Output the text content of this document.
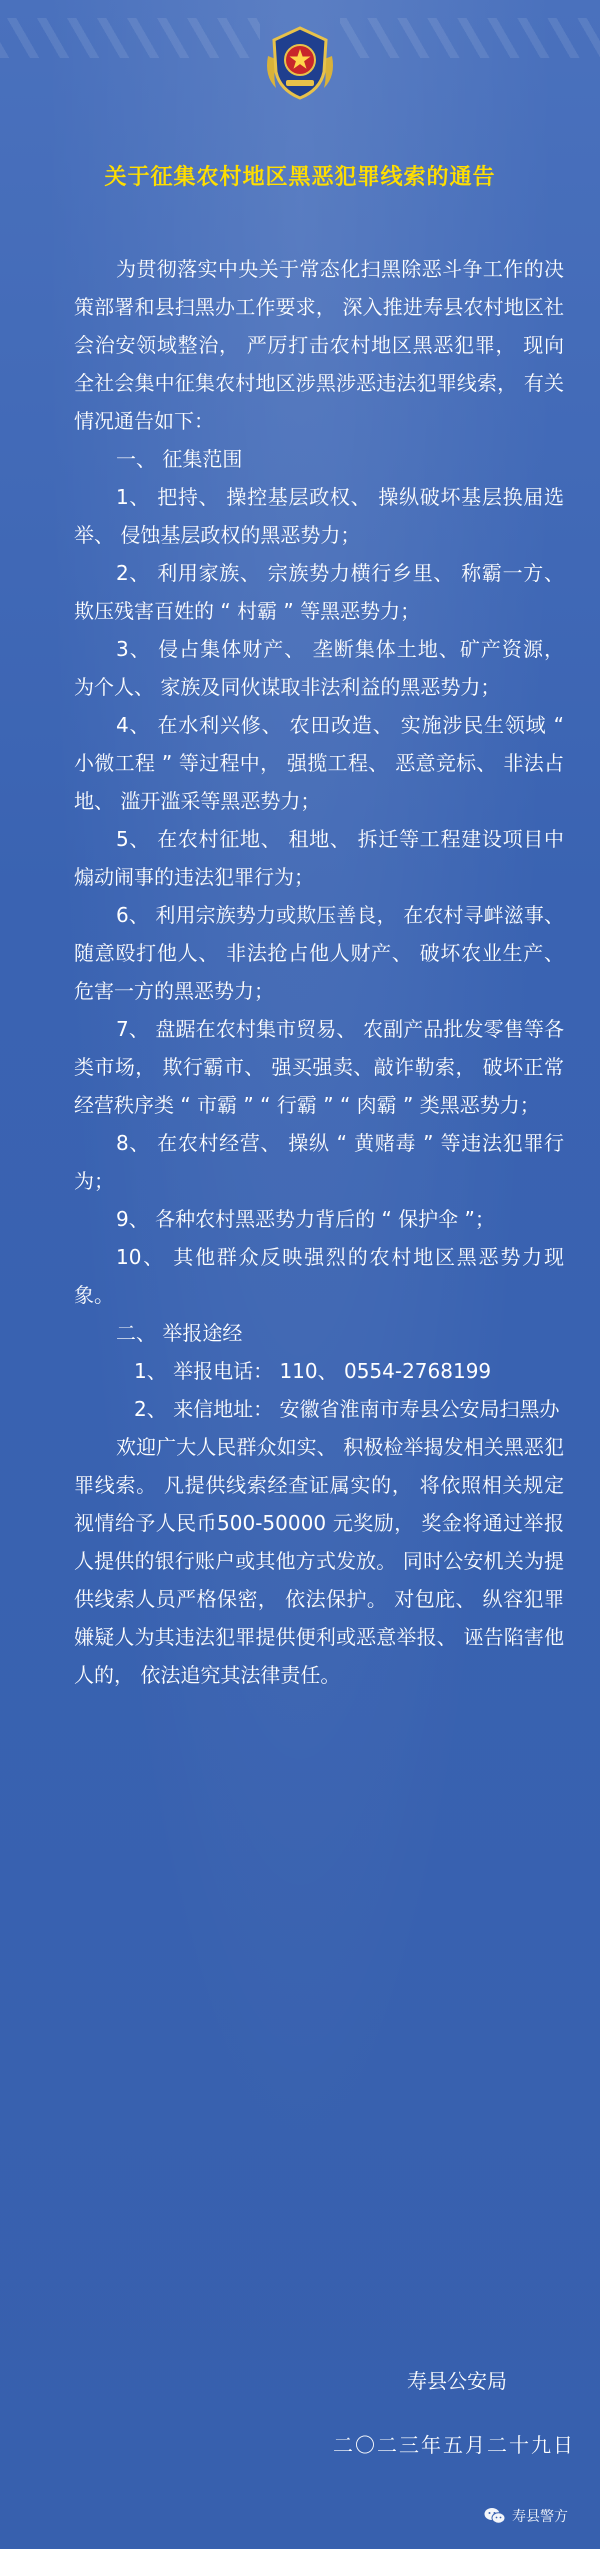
关于征集农村地区黑恶犯罪线索的通告

为贯彻落实中央关于常态化扫黑除恶斗争工作的决策部署和县扫黑办工作要求， 深入推进寿县农村地区社会治安领域整治， 严厉打击农村地区黑恶犯罪， 现向全社会集中征集农村地区涉黑涉恶违法犯罪线索， 有关情况通告如下：

一、 征集范围

1、 把持、 操控基层政权、 操纵破坏基层换届选举、 侵蚀基层政权的黑恶势力；

2、 利用家族、 宗族势力横行乡里、 称霸一方、 欺压残害百姓的 “ 村霸 ” 等黑恶势力；

3、 侵占集体财产、 垄断集体土地、矿产资源， 为个人、 家族及同伙谋取非法利益的黑恶势力；

4、 在水利兴修、 农田改造、 实施涉民生领域 “ 小微工程 ” 等过程中， 强揽工程、 恶意竞标、 非法占地、 滥开滥采等黑恶势力；

5、 在农村征地、 租地、 拆迁等工程建设项目中煽动闹事的违法犯罪行为；

6、 利用宗族势力或欺压善良， 在农村寻衅滋事、 随意殴打他人、 非法抢占他人财产、 破坏农业生产、 危害一方的黑恶势力；

7、 盘踞在农村集市贸易、 农副产品批发零售等各类市场， 欺行霸市、 强买强卖、敲诈勒索， 破坏正常经营秩序类 “ 市霸 ” “ 行霸 ” “ 肉霸 ” 类黑恶势力；

8、 在农村经营、 操纵 “ 黄赌毒 ” 等违法犯罪行为；

9、 各种农村黑恶势力背后的 “ 保护伞 ”；

10、 其他群众反映强烈的农村地区黑恶势力现象。

二、 举报途经

1、 举报电话： 110、 0554-2768199

2、 来信地址： 安徽省淮南市寿县公安局扫黑办

欢迎广大人民群众如实、 积极检举揭发相关黑恶犯罪线索。 凡提供线索经查证属实的， 将依照相关规定视情给予人民币500-50000 元奖励， 奖金将通过举报人提供的银行账户或其他方式发放。 同时公安机关为提供线索人员严格保密， 依法保护。 对包庇、 纵容犯罪嫌疑人为其违法犯罪提供便利或恶意举报、 诬告陷害他人的， 依法追究其法律责任。

寿县公安局
二〇二三年五月二十九日
寿县警方
